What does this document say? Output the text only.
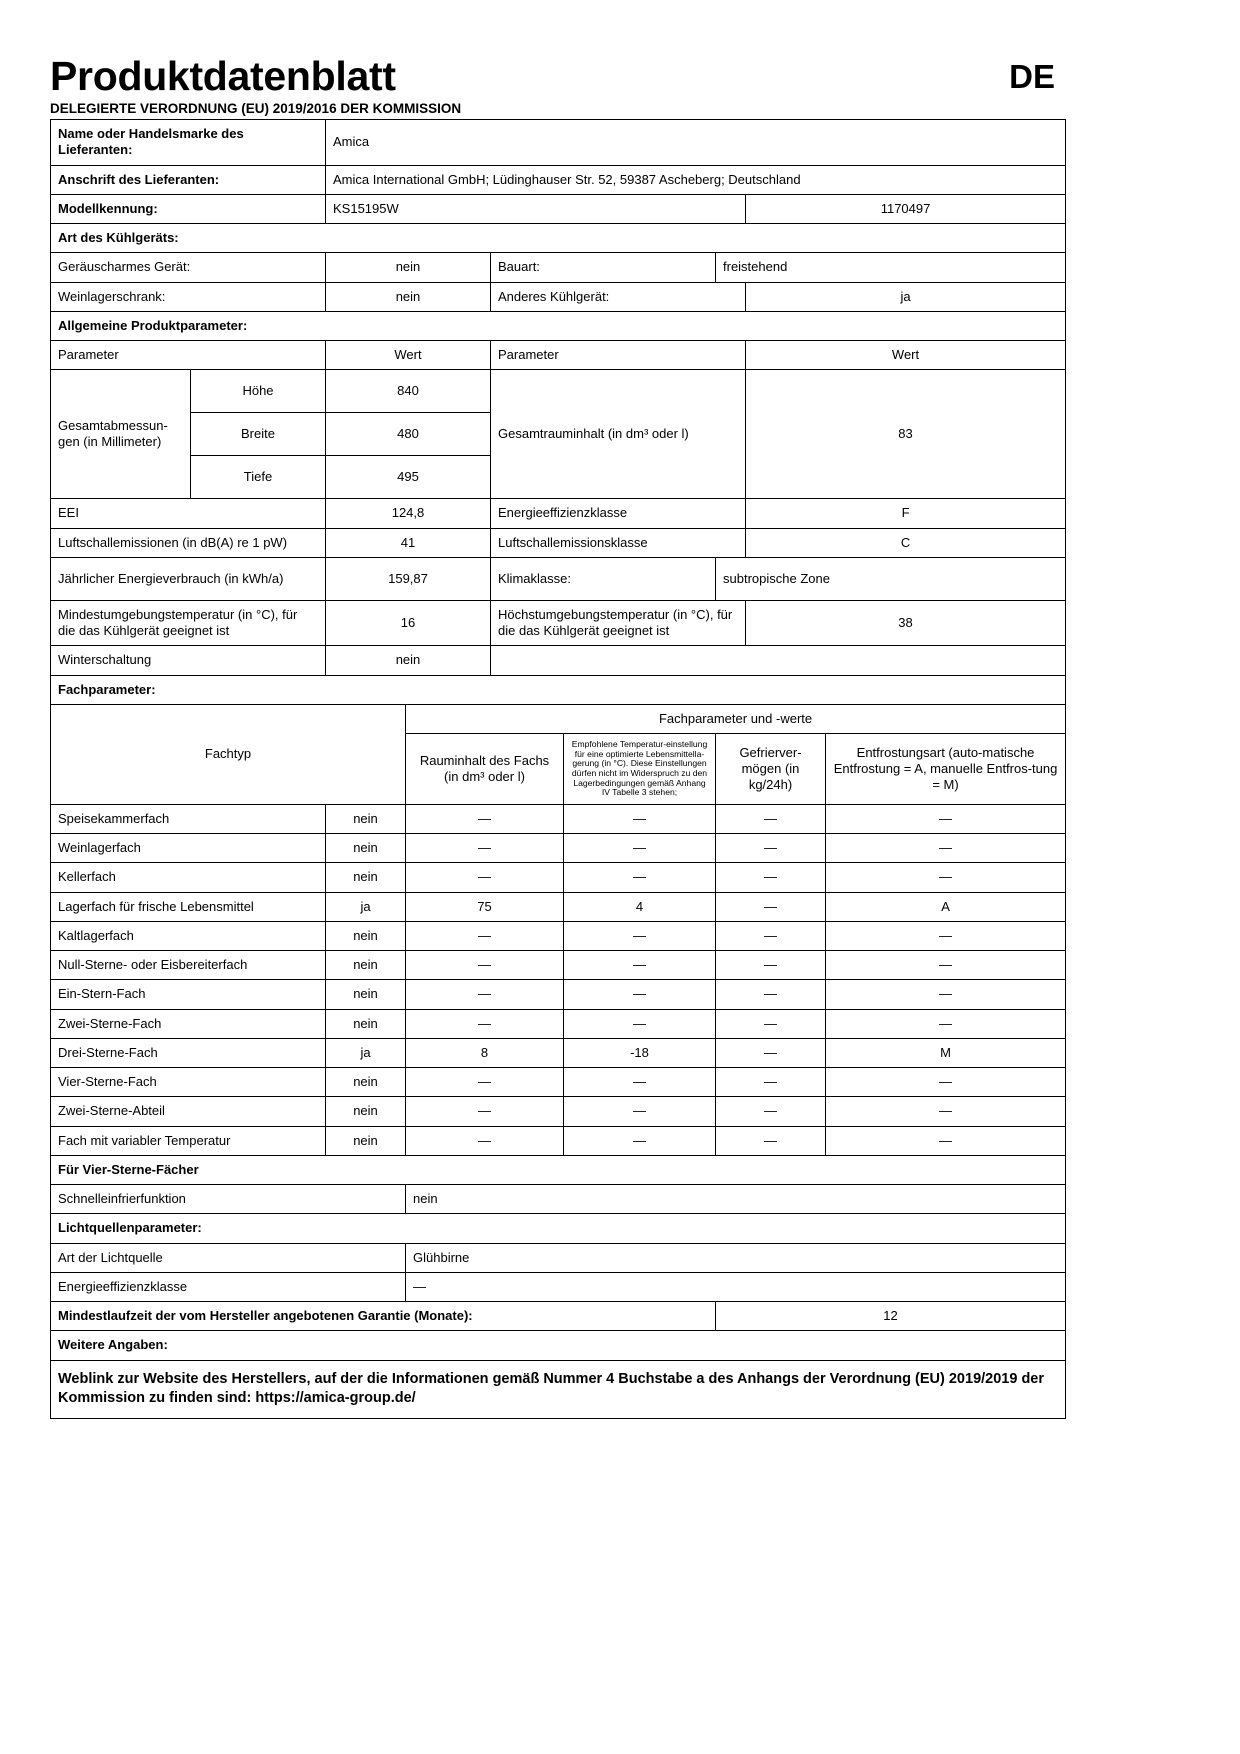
Produktdatenblatt	DE
DELEGIERTE VERORDNUNG (EU) 2019/2016 DER KOMMISSION
Name oder Handelsmarke des Lieferanten:		Amica						
Anschrift des Lieferanten:		Amica International GmbH; Lüdinghauser Str. 52, 59387 Ascheberg; Deutschland						
Modellkennung:		KS15195W					1170497	
Art des Kühlgeräts:								
Geräuscharmes Gerät:		nein		Bauart:		freistehend		
Weinlagerschrank:		nein		Anderes Kühlgerät:			ja	
Allgemeine Produktparameter:								
Parameter		Wert		Parameter			Wert	
Gesamtabmessun-gen (in Millimeter)	Höhe	840		Gesamtrauminhalt (in dm³ oder l)			83	
	Breite	480						
	Tiefe	495						
EEI		124,8		Energieeffizienzklasse			F	
Luftschallemissionen (in dB(A) re 1 pW)		41		Luftschallemissionsklasse			C	
Jährlicher Energieverbrauch (in kWh/a)		159,87		Klimaklasse:		subtropische Zone		
Mindestumgebungstemperatur (in °C), für die das Kühlgerät geeignet ist		16		Höchstumgebungstemperatur (in °C), für die das Kühlgerät geeignet ist			38	
Winterschaltung		nein						
Fachparameter:								
Fachtyp			Fachparameter und -werte					
			Rauminhalt des Fachs (in dm³ oder l)		Empfohlene Temperatur-einstellung für eine optimierte Lebensmittella-gerung (in °C). Diese Einstellungen dürfen nicht im Widerspruch zu den Lagerbedingungen gemäß Anhang IV Tabelle 3 stehen;	Gefrierver-mögen (in kg/24h)		Entfrostungsart (auto-matische Entfrostung = A, manuelle Entfros-tung = M)
Speisekammerfach		nein	—		—	—		—
Weinlagerfach		nein	—		—	—		—
Kellerfach		nein	—		—	—		—
Lagerfach für frische Lebensmittel		ja	75		4	—		A
Kaltlagerfach		nein	—		—	—		—
Null-Sterne- oder Eisbereiterfach		nein	—		—	—		—
Ein-Stern-Fach		nein	—		—	—		—
Zwei-Sterne-Fach		nein	—		—	—		—
Drei-Sterne-Fach		ja	8		-18	—		M
Vier-Sterne-Fach		nein	—		—	—		—
Zwei-Sterne-Abteil		nein	—		—	—		—
Fach mit variabler Temperatur		nein	—		—	—		—
Für Vier-Sterne-Fächer								
Schnelleinfrierfunktion			nein					
Lichtquellenparameter:								
Art der Lichtquelle			Glühbirne					
Energieeffizienzklasse			—					
Mindestlaufzeit der vom Hersteller angebotenen Garantie (Monate):						12		
Weitere Angaben:								
Weblink zur Website des Herstellers, auf der die Informationen gemäß Nummer 4 Buchstabe a des Anhangs der Verordnung (EU) 2019/2019 der Kommission zu finden sind: https://amica-group.de/								
